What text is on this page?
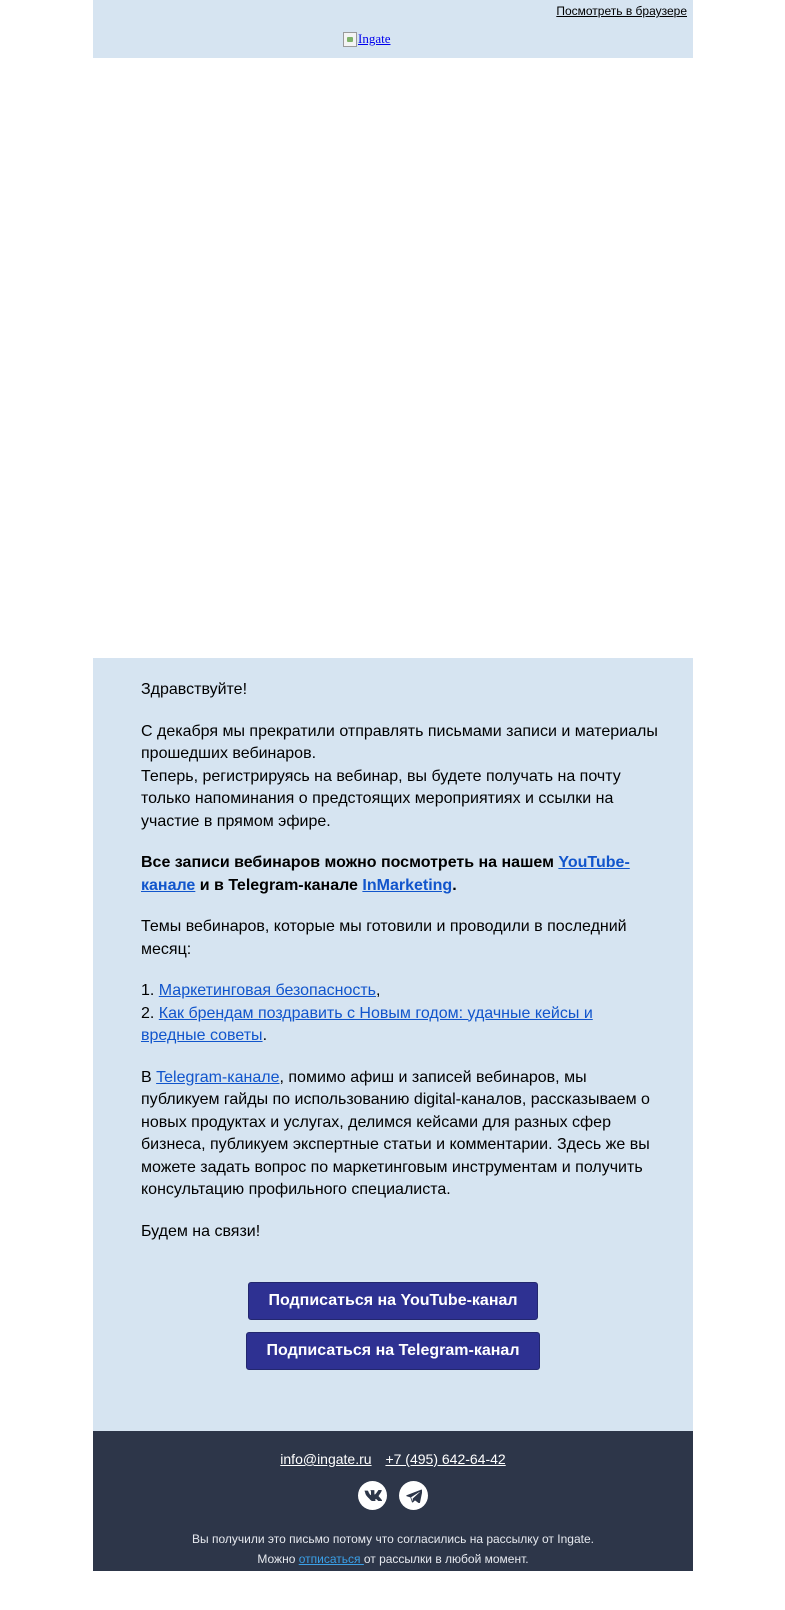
Посмотреть в браузере
Ingate

Здравствуйте!

С декабря мы прекратили отправлять письмами записи и материалы прошедших вебинаров.
Теперь, регистрируясь на вебинар, вы будете получать на почту только напоминания о предстоящих мероприятиях и ссылки на участие в прямом эфире.

Все записи вебинаров можно посмотреть на нашем YouTube-канале и в Telegram-канале InMarketing.

Темы вебинаров, которые мы готовили и проводили в последний месяц:

1. Маркетинговая безопасность,
2. Как брендам поздравить с Новым годом: удачные кейсы и вредные советы.

В Telegram-канале, помимо афиш и записей вебинаров, мы публикуем гайды по использованию digital-каналов, рассказываем о новых продуктах и услугах, делимся кейсами для разных сфер бизнеса, публикуем экспертные статьи и комментарии. Здесь же вы можете задать вопрос по маркетинговым инструментам и получить консультацию профильного специалиста.

Будем на связи!

Подписаться на YouTube-канал
Подписаться на Telegram-канал
info@ingate.ru +7 (495) 642-64-42
Вы получили это письмо потому что согласились на рассылку от Ingate.
Можно отписаться от рассылки в любой момент.
